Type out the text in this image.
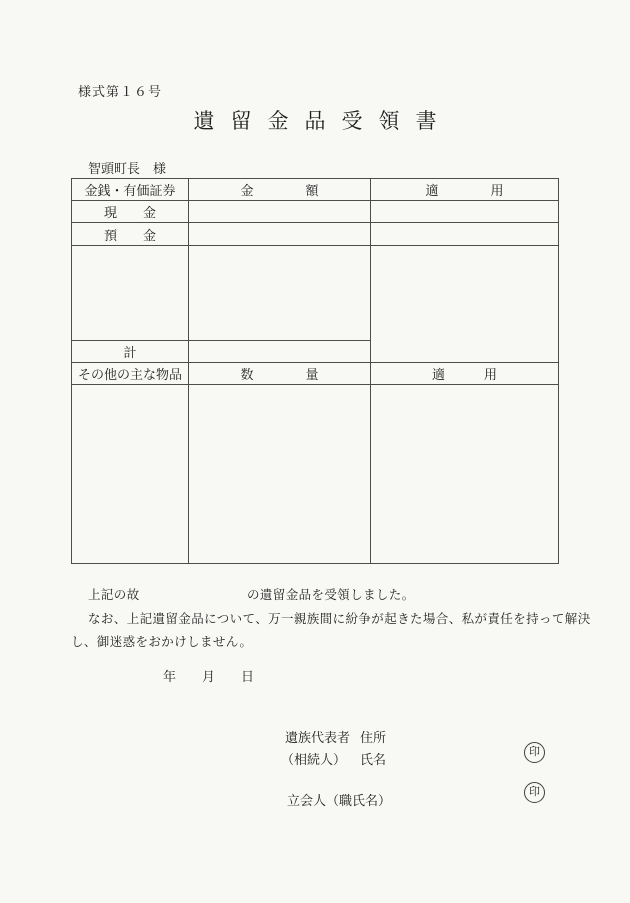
様式第１６号
遺留金品受領書
智頭町長　様
金銭・有価証券	金　　　　額	適　　　　用
現　　金		
預　　金		

計		
その他の主な物品	数　　　　量	適　　　用

上記の故	の遺留金品を受領しました。
なお、上記遺留金品について、万一親族間に紛争が起きた場合、私が責任を持って解決
し、御迷惑をおかけしません。
年　　月　　日
遺族代表者 住所
（相続人） 氏名	印
立会人（職氏名）
印
